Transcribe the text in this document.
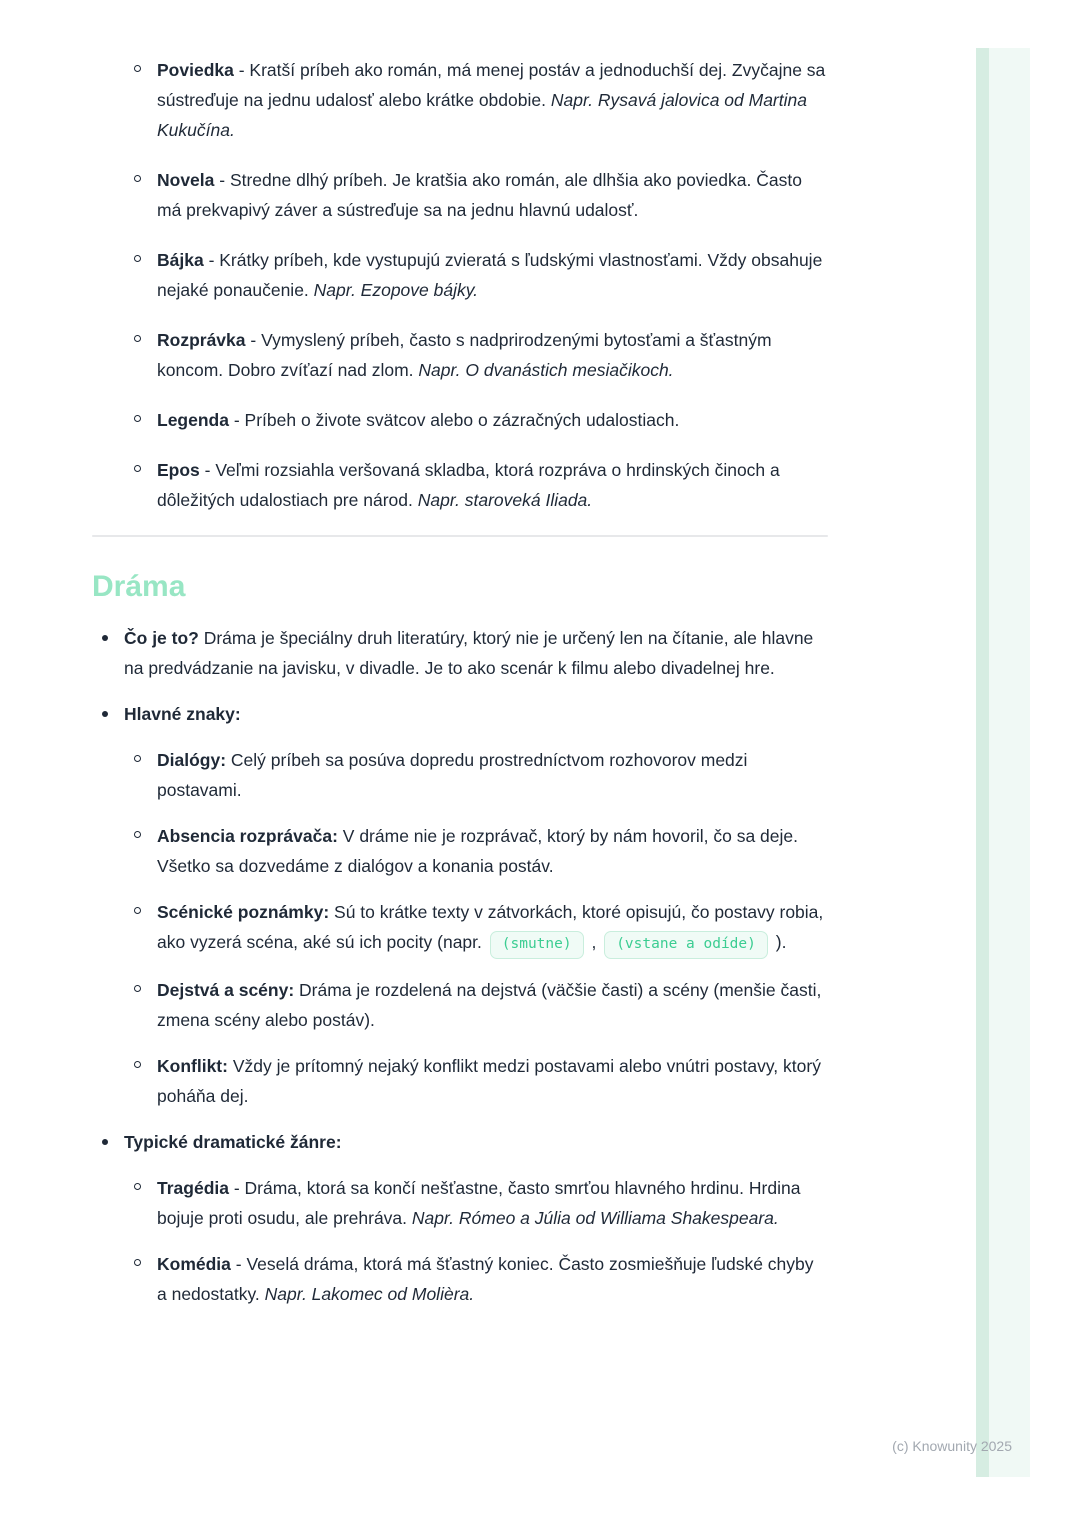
Poviedka - Kratší príbeh ako román, má menej postáv a jednoduchší dej. Zvyčajne sa sústreďuje na jednu udalosť alebo krátke obdobie. Napr. Rysavá jalovica od Martina Kukučína.
Novela - Stredne dlhý príbeh. Je kratšia ako román, ale dlhšia ako poviedka. Často má prekvapivý záver a sústreďuje sa na jednu hlavnú udalosť.
Bájka - Krátky príbeh, kde vystupujú zvieratá s ľudskými vlastnosťami. Vždy obsahuje nejaké ponaučenie. Napr. Ezopove bájky.
Rozprávka - Vymyslený príbeh, často s nadprirodzenými bytosťami a šťastným koncom. Dobro zvíťazí nad zlom. Napr. O dvanástich mesiačikoch.
Legenda - Príbeh o živote svätcov alebo o zázračných udalostiach.
Epos - Veľmi rozsiahla veršovaná skladba, ktorá rozpráva o hrdinských činoch a dôležitých udalostiach pre národ. Napr. staroveká Iliada.
Dráma
Čo je to? Dráma je špeciálny druh literatúry, ktorý nie je určený len na čítanie, ale hlavne na predvádzanie na javisku, v divadle. Je to ako scenár k filmu alebo divadelnej hre.
Hlavné znaky:
Dialógy: Celý príbeh sa posúva dopredu prostredníctvom rozhovorov medzi postavami.
Absencia rozprávača: V dráme nie je rozprávač, ktorý by nám hovoril, čo sa deje. Všetko sa dozvedáme z dialógov a konania postáv.
Scénické poznámky: Sú to krátke texty v zátvorkách, ktoré opisujú, čo postavy robia, ako vyzerá scéna, aké sú ich pocity (napr. (smutne) , (vstane a odíde) ).
Dejstvá a scény: Dráma je rozdelená na dejstvá (väčšie časti) a scény (menšie časti, zmena scény alebo postáv).
Konflikt: Vždy je prítomný nejaký konflikt medzi postavami alebo vnútri postavy, ktorý poháňa dej.
Typické dramatické žánre:
Tragédia - Dráma, ktorá sa končí nešťastne, často smrťou hlavného hrdinu. Hrdina bojuje proti osudu, ale prehráva. Napr. Rómeo a Júlia od Williama Shakespeara.
Komédia - Veselá dráma, ktorá má šťastný koniec. Často zosmiešňuje ľudské chyby a nedostatky. Napr. Lakomec od Molièra.
(c) Knowunity 2025
